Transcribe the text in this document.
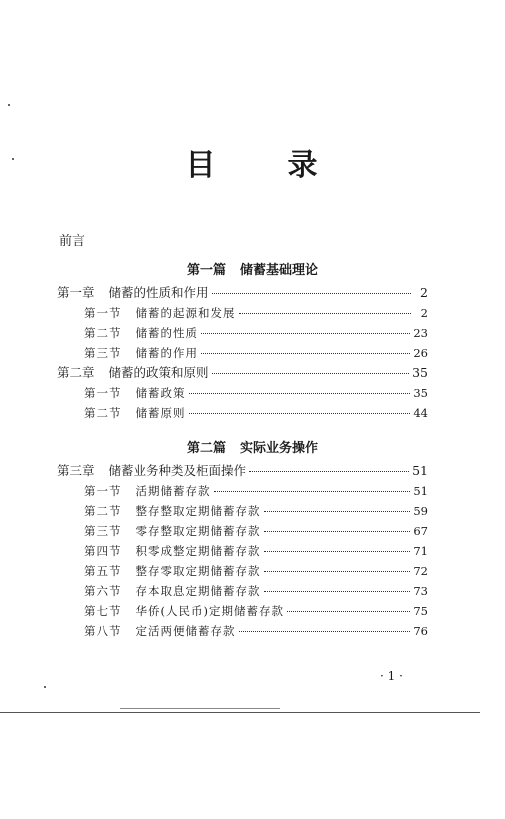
目 录
前言
第一篇 储蓄基础理论
第一章 储蓄的性质和作用	2
第一节 储蓄的起源和发展	2
第二节 储蓄的性质	23
第三节 储蓄的作用	26
第二章 储蓄的政策和原则	35
第一节 储蓄政策	35
第二节 储蓄原则	44
第二篇 实际业务操作
第三章 储蓄业务种类及柜面操作	51
第一节 活期储蓄存款	51
第二节 整存整取定期储蓄存款	59
第三节 零存整取定期储蓄存款	67
第四节 积零成整定期储蓄存款	71
第五节 整存零取定期储蓄存款	72
第六节 存本取息定期储蓄存款	73
第七节 华侨(人民币)定期储蓄存款	75
第八节 定活两便储蓄存款	76
· 1 ·
